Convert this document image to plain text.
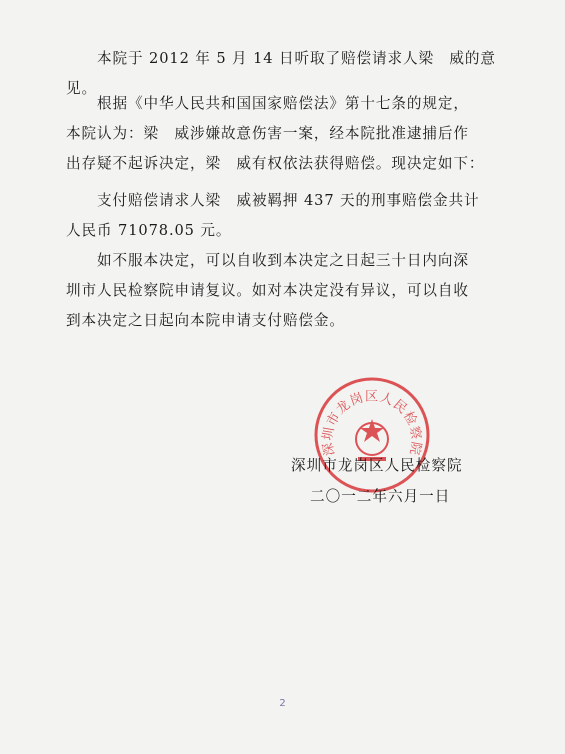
本院于 2012 年 5 月 14 日听取了赔偿请求人梁　威的意
见。
根据《中华人民共和国国家赔偿法》第十七条的规定，
本院认为：梁　威涉嫌故意伤害一案，经本院批准逮捕后作
出存疑不起诉决定，梁　威有权依法获得赔偿。现决定如下：
支付赔偿请求人梁　威被羁押 437 天的刑事赔偿金共计
人民币 71078.05 元。
如不服本决定，可以自收到本决定之日起三十日内向深
圳市人民检察院申请复议。如对本决定没有异议，可以自收
到本决定之日起向本院申请支付赔偿金。
深圳市龙岗区人民检察院
深圳市龙岗区人民检察院
二〇一二年六月一日
2
